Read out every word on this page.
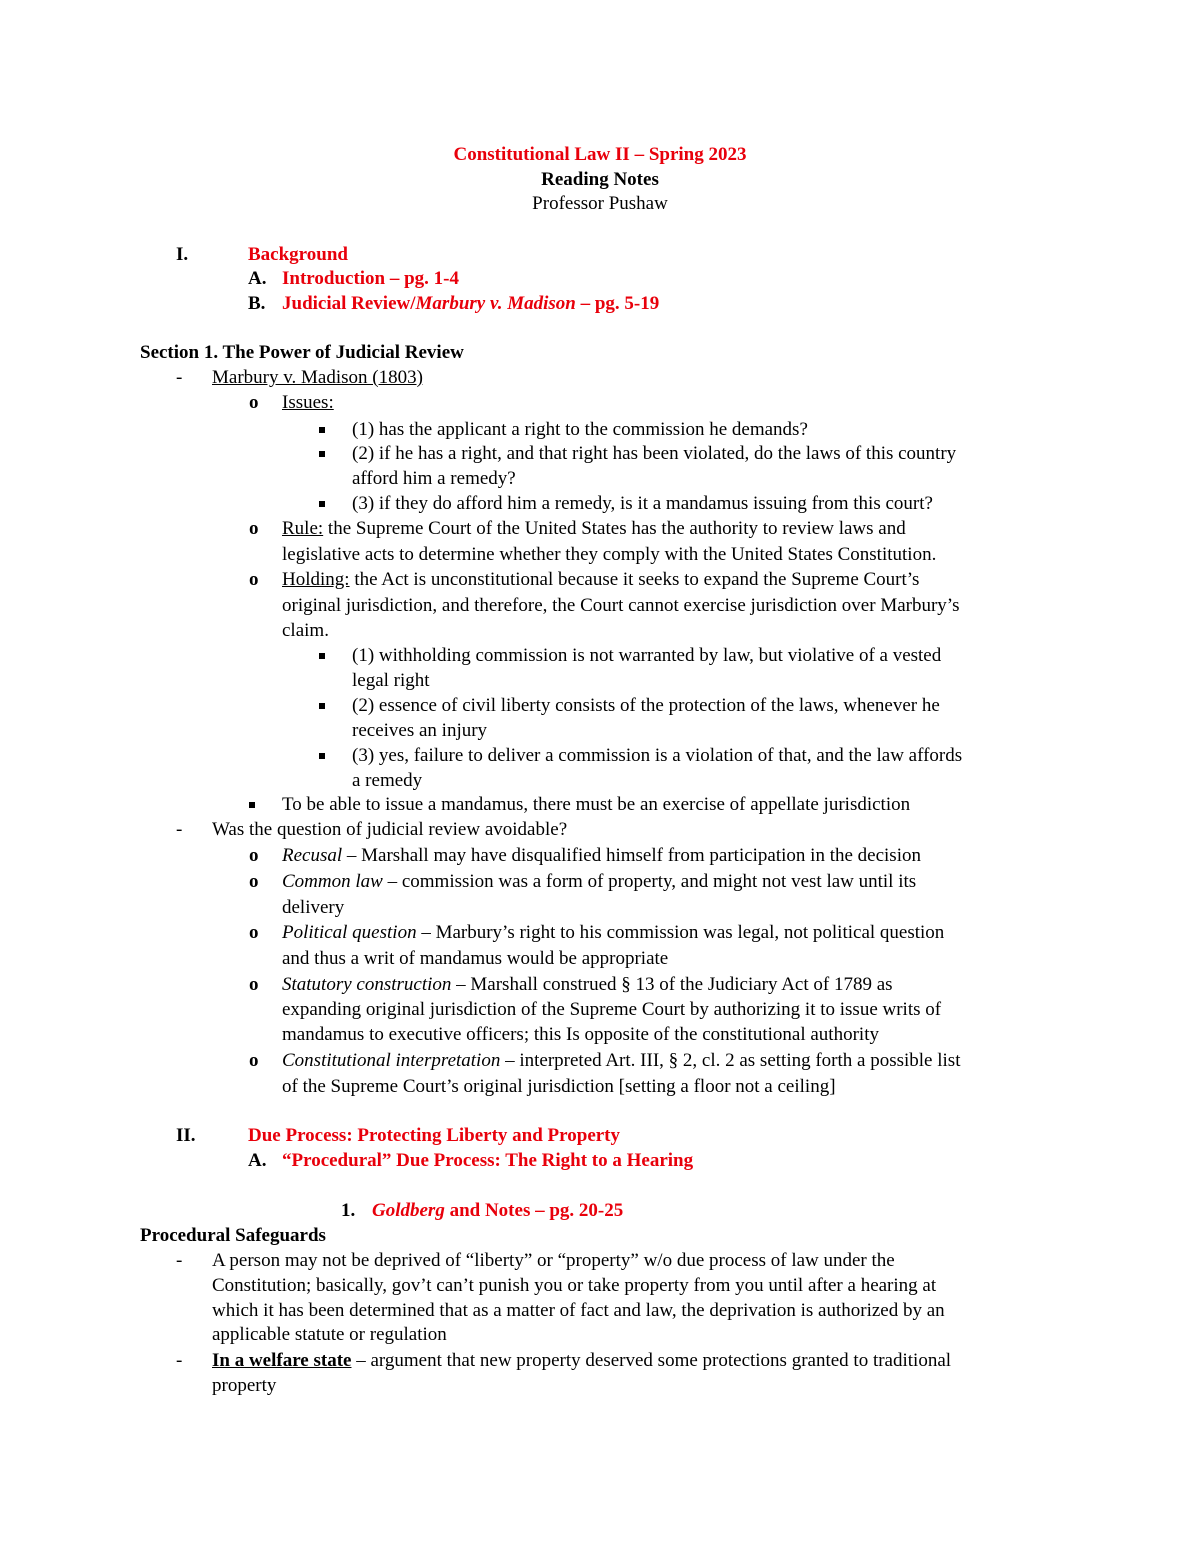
Constitutional Law II – Spring 2023
Reading Notes
Professor Pushaw
I.	Background
A. Introduction – pg. 1-4
B. Judicial Review/Marbury v. Madison – pg. 5-19
Section 1. The Power of Judicial Review
- Marbury v. Madison (1803)
o Issues:
(1) has the applicant a right to the commission he demands?
(2) if he has a right, and that right has been violated, do the laws of this country
afford him a remedy?
(3) if they do afford him a remedy, is it a mandamus issuing from this court?
o Rule: the Supreme Court of the United States has the authority to review laws and
legislative acts to determine whether they comply with the United States Constitution.
o Holding: the Act is unconstitutional because it seeks to expand the Supreme Court’s
original jurisdiction, and therefore, the Court cannot exercise jurisdiction over Marbury’s
claim.
(1) withholding commission is not warranted by law, but violative of a vested
legal right
(2) essence of civil liberty consists of the protection of the laws, whenever he
receives an injury
(3) yes, failure to deliver a commission is a violation of that, and the law affords
a remedy
To be able to issue a mandamus, there must be an exercise of appellate jurisdiction
- Was the question of judicial review avoidable?
o Recusal – Marshall may have disqualified himself from participation in the decision
o Common law – commission was a form of property, and might not vest law until its
delivery
o Political question – Marbury’s right to his commission was legal, not political question
and thus a writ of mandamus would be appropriate
o Statutory construction – Marshall construed § 13 of the Judiciary Act of 1789 as
expanding original jurisdiction of the Supreme Court by authorizing it to issue writs of
mandamus to executive officers; this Is opposite of the constitutional authority
o Constitutional interpretation – interpreted Art. III, § 2, cl. 2 as setting forth a possible list
of the Supreme Court’s original jurisdiction [setting a floor not a ceiling]
II.	Due Process: Protecting Liberty and Property
A. “Procedural” Due Process: The Right to a Hearing
1. Goldberg and Notes – pg. 20-25
Procedural Safeguards
- A person may not be deprived of “liberty” or “property” w/o due process of law under the
Constitution; basically, gov’t can’t punish you or take property from you until after a hearing at
which it has been determined that as a matter of fact and law, the deprivation is authorized by an
applicable statute or regulation
- In a welfare state – argument that new property deserved some protections granted to traditional
property
